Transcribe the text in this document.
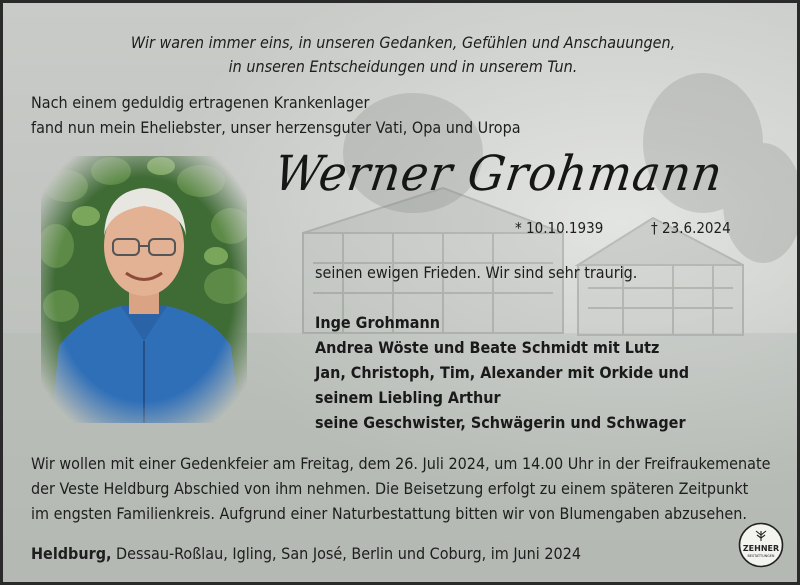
Wir waren immer eins, in unseren Gedanken, Gefühlen und Anschauungen,
in unseren Entscheidungen und in unserem Tun.
Nach einem geduldig ertragenen Krankenlager
fand nun mein Eheliebster, unser herzensguter Vati, Opa und Uropa
Werner Grohmann
* 10.10.1939	† 23.6.2024
seinen ewigen Frieden. Wir sind sehr traurig.
Inge Grohmann
Andrea Wöste und Beate Schmidt mit Lutz
Jan, Christoph, Tim, Alexander mit Orkide und
seinem Liebling Arthur
seine Geschwister, Schwägerin und Schwager
Wir wollen mit einer Gedenkfeier am Freitag, dem 26. Juli 2024, um 14.00 Uhr in der Freifraukemenate
der Veste Heldburg Abschied von ihm nehmen. Die Beisetzung erfolgt zu einem späteren Zeitpunkt
im engsten Familienkreis. Aufgrund einer Naturbestattung bitten wir von Blumengaben abzusehen.
Heldburg, Dessau-Roßlau, Igling, San José, Berlin und Coburg, im Juni 2024	ZEHNER
BESTATTUNGEN
